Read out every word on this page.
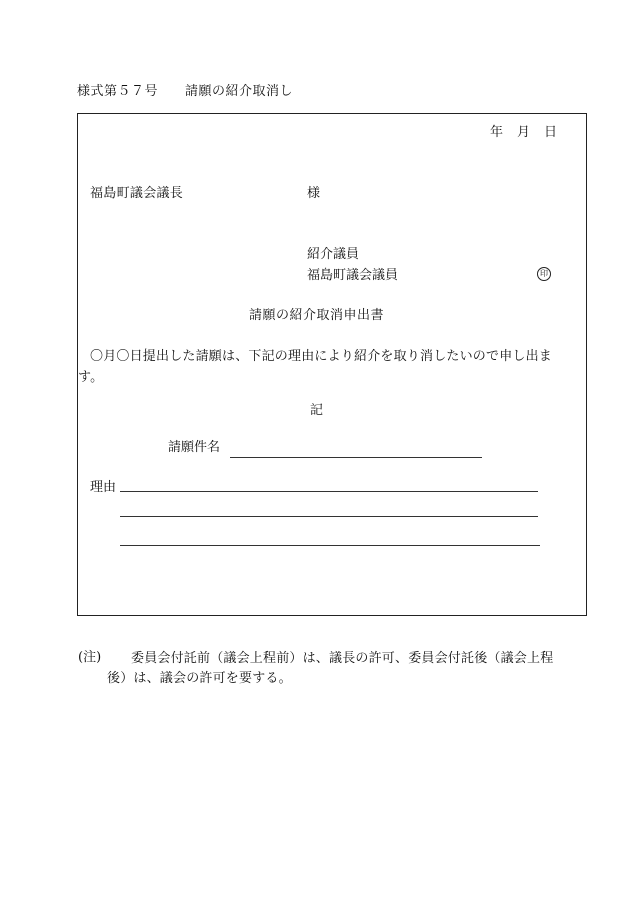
様式第５７号 請願の紹介取消し
年 月 日
福島町議会議長	様
紹介議員
福島町議会議員	印
請願の紹介取消申出書
〇月〇日提出した請願は、下記の理由により紹介を取り消したいので申し出ます。
記
請願件名
理由
(注)	委員会付託前（議会上程前）は、議長の許可、委員会付託後（議会上程後）は、議会の許可を要する。
